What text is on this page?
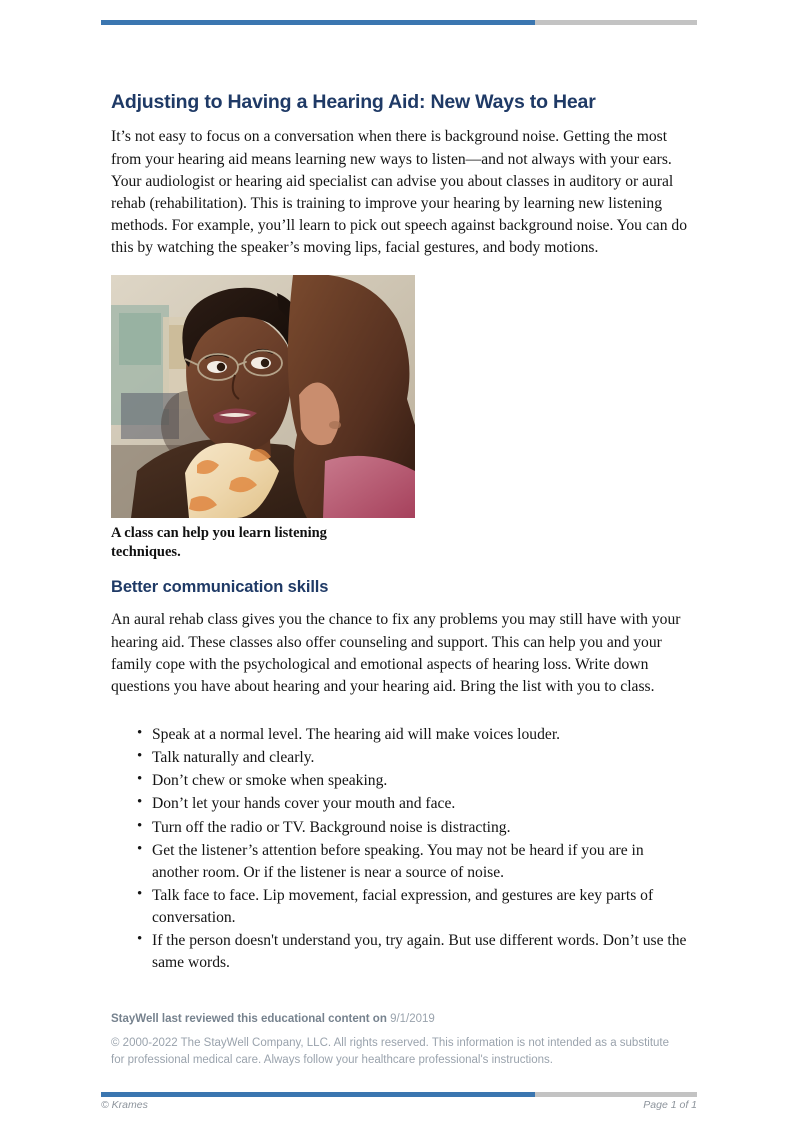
Adjusting to Having a Hearing Aid: New Ways to Hear

It’s not easy to focus on a conversation when there is background noise. Getting the most from your hearing aid means learning new ways to listen—and not always with your ears. Your audiologist or hearing aid specialist can advise you about classes in auditory or aural rehab (rehabilitation). This is training to improve your hearing by learning new listening methods. For example, you’ll learn to pick out speech against background noise. You can do this by watching the speaker’s moving lips, facial gestures, and body motions.

A class can help you learn listening techniques.
Better communication skills

An aural rehab class gives you the chance to fix any problems you may still have with your hearing aid. These classes also offer counseling and support. This can help you and your family cope with the psychological and emotional aspects of hearing loss. Write down questions you have about hearing and your hearing aid. Bring the list with you to class.

• Speak at a normal level. The hearing aid will make voices louder.
• Talk naturally and clearly.
• Don’t chew or smoke when speaking.
• Don’t let your hands cover your mouth and face.
• Turn off the radio or TV. Background noise is distracting.
• Get the listener’s attention before speaking. You may not be heard if you are in another room. Or if the listener is near a source of noise.
• Talk face to face. Lip movement, facial expression, and gestures are key parts of conversation.
• If the person doesn't understand you, try again. But use different words. Don’t use the same words.
StayWell last reviewed this educational content on 9/1/2019
© 2000-2022 The StayWell Company, LLC. All rights reserved. This information is not intended as a substitute for professional medical care. Always follow your healthcare professional's instructions.
© Krames	Page 1 of 1
